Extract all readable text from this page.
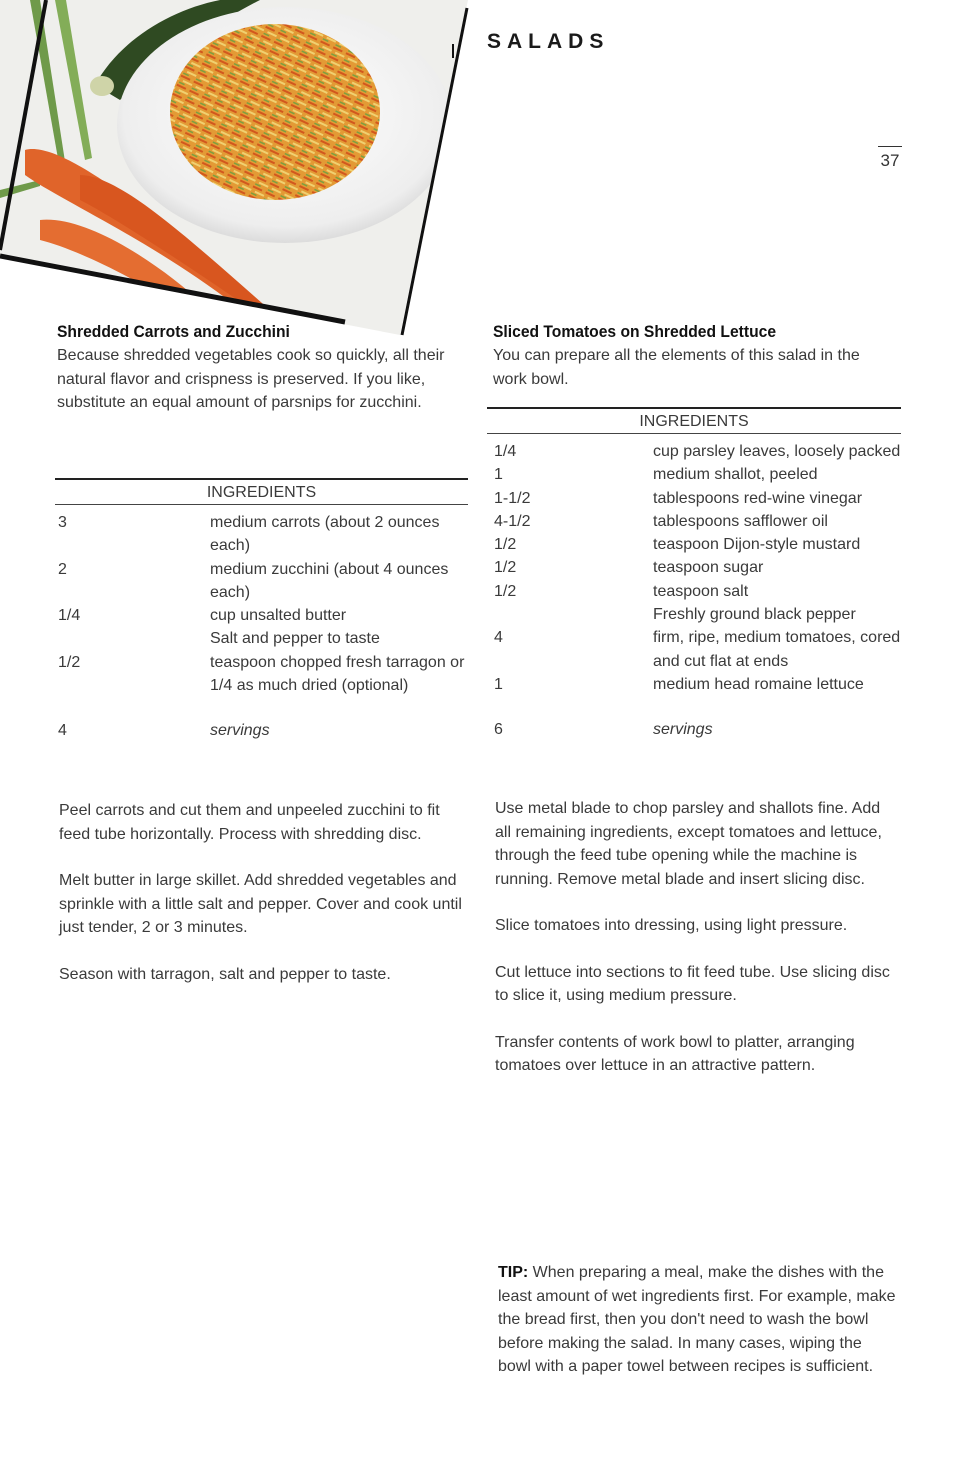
SALADS
37
Shredded Carrots and Zucchini
Because shredded vegetables cook so quickly, all their natural flavor and crispness is preserved. If you like, substitute an equal amount of parsnips for zucchini.
INGREDIENTS
3	medium carrots (about 2 ounces each)
2	medium zucchini (about 4 ounces each)
1/4	cup unsalted butter
Salt and pepper to taste
1/2	teaspoon chopped fresh tarragon or 1/4 as much dried (optional)
4	servings

Peel carrots and cut them and unpeeled zucchini to fit feed tube horizontally. Process with shredding disc.

Melt butter in large skillet. Add shredded vegetables and sprinkle with a little salt and pepper. Cover and cook until just tender, 2 or 3 minutes.

Season with tarragon, salt and pepper to taste.

Sliced Tomatoes on Shredded Lettuce
You can prepare all the elements of this salad in the work bowl.
INGREDIENTS
1/4	cup parsley leaves, loosely packed
1	medium shallot, peeled
1-1/2	tablespoons red-wine vinegar
4-1/2	tablespoons safflower oil
1/2	teaspoon Dijon-style mustard
1/2	teaspoon sugar
1/2	teaspoon salt
Freshly ground black pepper
4	firm, ripe, medium tomatoes, cored and cut flat at ends
1	medium head romaine lettuce
6	servings

Use metal blade to chop parsley and shallots fine. Add all remaining ingredients, except tomatoes and lettuce, through the feed tube opening while the machine is running. Remove metal blade and insert slicing disc.

Slice tomatoes into dressing, using light pressure.

Cut lettuce into sections to fit feed tube. Use slicing disc to slice it, using medium pressure.

Transfer contents of work bowl to platter, arranging tomatoes over lettuce in an attractive pattern.

TIP: When preparing a meal, make the dishes with the least amount of wet ingredients first. For example, make the bread first, then you don't need to wash the bowl before making the salad. In many cases, wiping the bowl with a paper towel between recipes is sufficient.
